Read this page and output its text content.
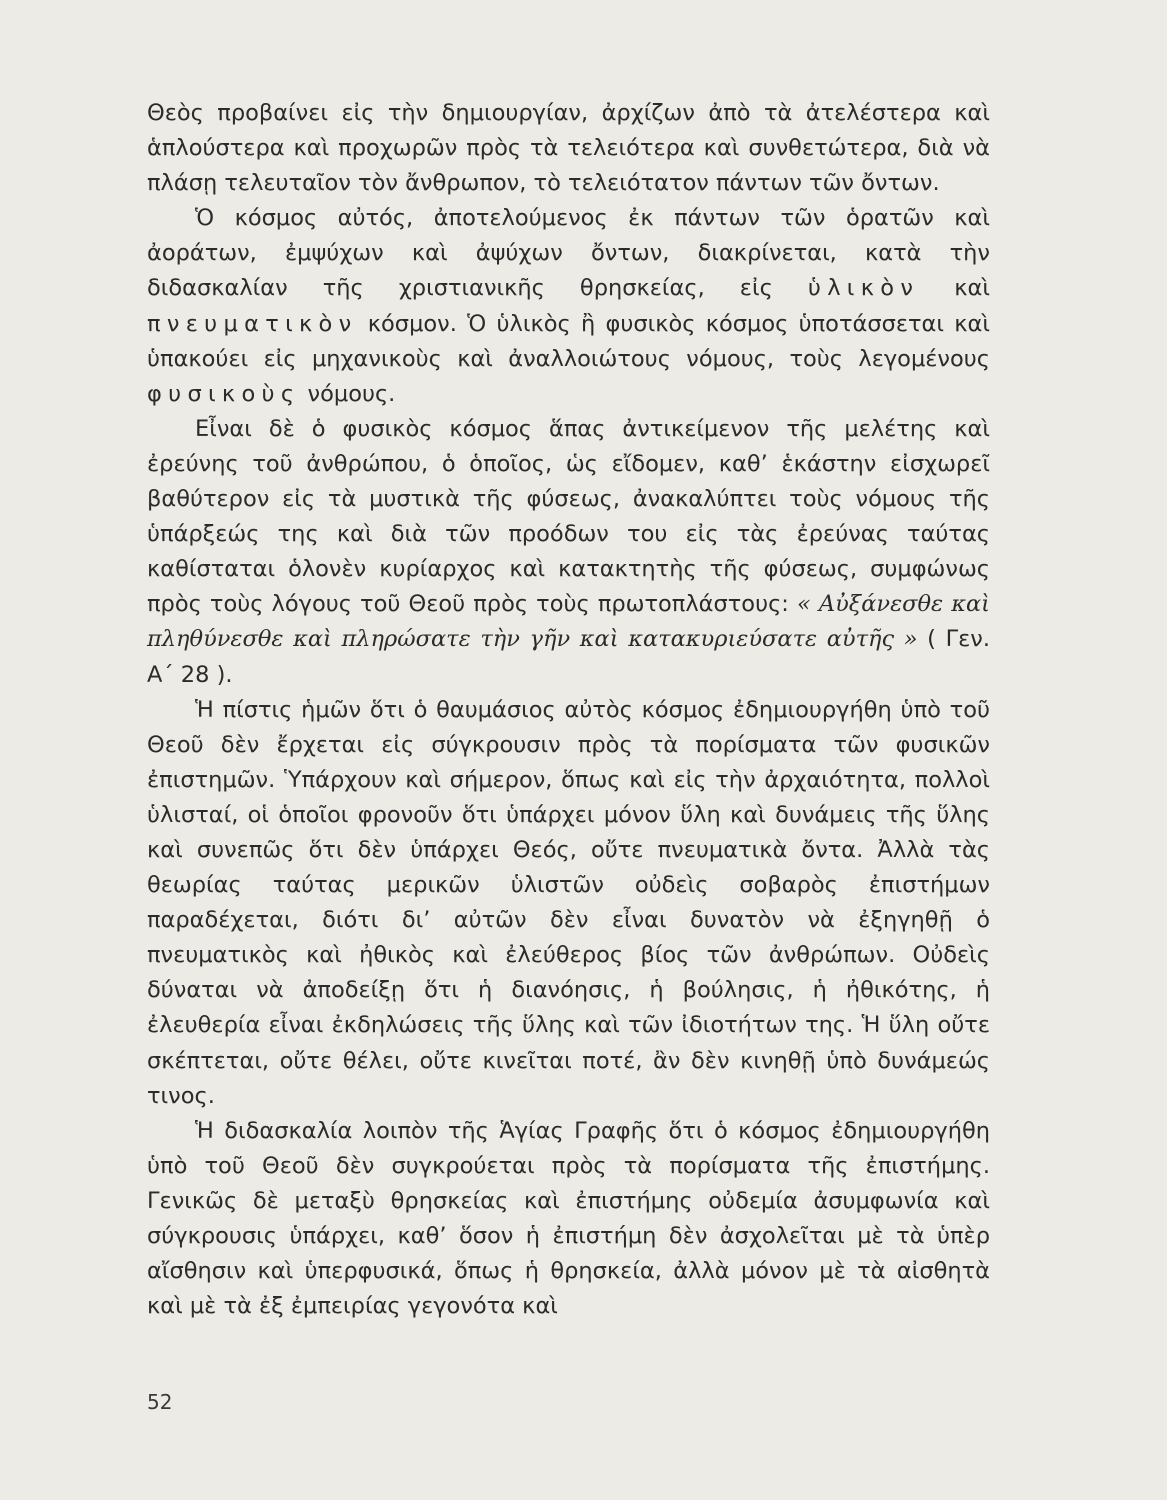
Θεὸς προβαίνει εἰς τὴν δημιουργίαν, ἀρχίζων ἀπὸ τὰ ἀτελέστερα καὶ ἁπλούστερα καὶ προχωρῶν πρὸς τὰ τελειότερα καὶ συνθετώτερα, διὰ νὰ πλάσῃ τελευταῖον τὸν ἄνθρωπον, τὸ τελειότατον πάντων τῶν ὄντων.

Ὁ κόσμος αὐτός, ἀποτελούμενος ἐκ πάντων τῶν ὁρατῶν καὶ ἀοράτων, ἐμψύχων καὶ ἀψύχων ὄντων, διακρίνεται, κατὰ τὴν διδασκαλίαν τῆς χριστιανικῆς θρησκείας, εἰς ὑλικὸν καὶ πνευματικὸν κόσμον. Ὁ ὑλικὸς ἢ φυσικὸς κόσμος ὑποτάσσεται καὶ ὑπακούει εἰς μηχανικοὺς καὶ ἀναλλοιώτους νόμους, τοὺς λεγομένους φυσικοὺς νόμους.

Εἶναι δὲ ὁ φυσικὸς κόσμος ἅπας ἀντικείμενον τῆς μελέτης καὶ ἐρεύνης τοῦ ἀνθρώπου, ὁ ὁποῖος, ὡς εἴδομεν, καθ’ ἑκάστην εἰσχωρεῖ βαθύτερον εἰς τὰ μυστικὰ τῆς φύσεως, ἀνακαλύπτει τοὺς νόμους τῆς ὑπάρξεώς της καὶ διὰ τῶν προόδων του εἰς τὰς ἐρεύνας ταύτας καθίσταται ὁλονὲν κυρίαρχος καὶ κατακτητὴς τῆς φύσεως, συμφώνως πρὸς τοὺς λόγους τοῦ Θεοῦ πρὸς τοὺς πρωτοπλάστους: « Αὐξάνεσθε καὶ πληθύνεσθε καὶ πληρώσατε τὴν γῆν καὶ κατακυριεύσατε αὐτῆς » ( Γεν. Α΄ 28 ).

Ἡ πίστις ἡμῶν ὅτι ὁ θαυμάσιος αὐτὸς κόσμος ἐδημιουργήθη ὑπὸ τοῦ Θεοῦ δὲν ἔρχεται εἰς σύγκρουσιν πρὸς τὰ πορίσματα τῶν φυσικῶν ἐπιστημῶν. Ὑπάρχουν καὶ σήμερον, ὅπως καὶ εἰς τὴν ἀρχαιότητα, πολλοὶ ὑλισταί, οἱ ὁποῖοι φρονοῦν ὅτι ὑπάρχει μόνον ὕλη καὶ δυνάμεις τῆς ὕλης καὶ συνεπῶς ὅτι δὲν ὑπάρχει Θεός, οὔτε πνευματικὰ ὄντα. Ἀλλὰ τὰς θεωρίας ταύτας μερικῶν ὑλιστῶν οὐδεὶς σοβαρὸς ἐπιστήμων παραδέχεται, διότι δι’ αὐτῶν δὲν εἶναι δυνατὸν νὰ ἐξηγηθῇ ὁ πνευματικὸς καὶ ἠθικὸς καὶ ἐλεύθερος βίος τῶν ἀνθρώπων. Οὐδεὶς δύναται νὰ ἀποδείξῃ ὅτι ἡ διανόησις, ἡ βούλησις, ἡ ἠθικότης, ἡ ἐλευθερία εἶναι ἐκδηλώσεις τῆς ὕλης καὶ τῶν ἰδιοτήτων της. Ἡ ὕλη οὔτε σκέπτεται, οὔτε θέλει, οὔτε κινεῖται ποτέ, ἂν δὲν κινηθῇ ὑπὸ δυνάμεώς τινος.

Ἡ διδασκαλία λοιπὸν τῆς Ἁγίας Γραφῆς ὅτι ὁ κόσμος ἐδημιουργήθη ὑπὸ τοῦ Θεοῦ δὲν συγκρούεται πρὸς τὰ πορίσματα τῆς ἐπιστήμης. Γενικῶς δὲ μεταξὺ θρησκείας καὶ ἐπιστήμης οὐδεμία ἀσυμφωνία καὶ σύγκρουσις ὑπάρχει, καθ’ ὅσον ἡ ἐπιστήμη δὲν ἀσχολεῖται μὲ τὰ ὑπὲρ αἴσθησιν καὶ ὑπερφυσικά, ὅπως ἡ θρησκεία, ἀλλὰ μόνον μὲ τὰ αἰσθητὰ καὶ μὲ τὰ ἐξ ἐμπειρίας γεγονότα καὶ

52
